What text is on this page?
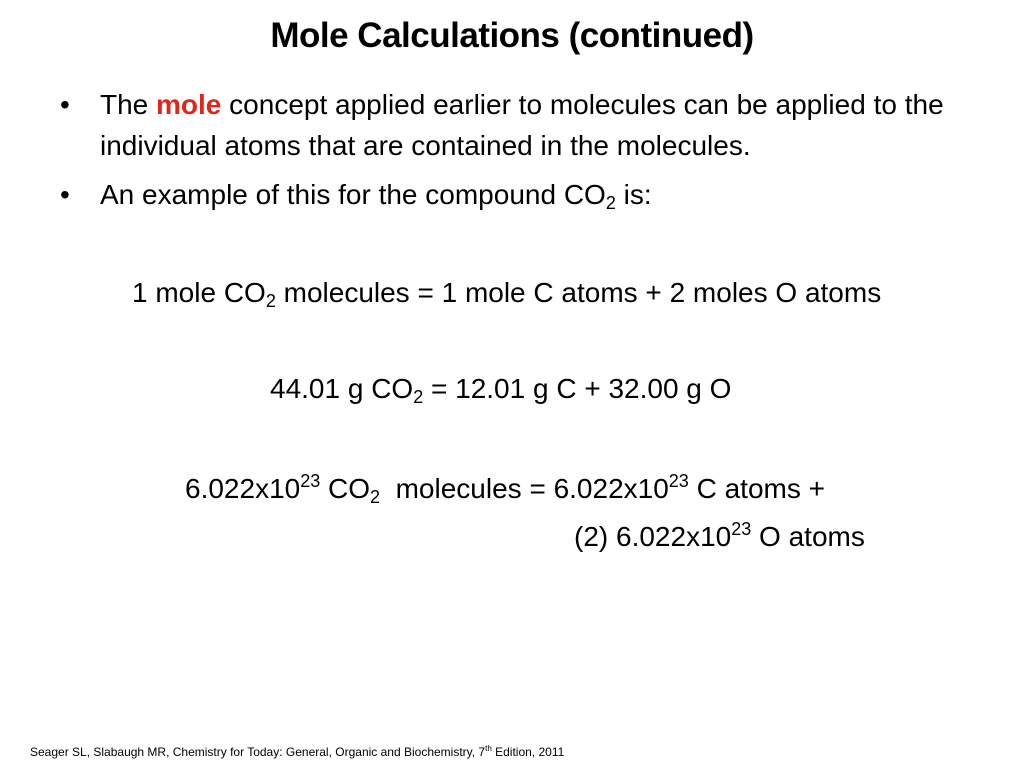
Mole Calculations (continued)
• The mole concept applied earlier to molecules can be applied to the individual atoms that are contained in the molecules.
• An example of this for the compound $CO_2$ is:
1 mole $CO_2$ molecules = 1 mole C atoms + 2 moles O atoms
44.01 g $CO_2 = 12.01$ g C + 32.00 g O
$6.022x10^{23}$ $CO_2$  molecules = $6.022x10^{23}$ C atoms +
(2) $6.022x10^{23}$ O atoms
Seager SL, Slabaugh MR, Chemistry for Today: General, Organic and Biochemistry, 7th Edition, 2011
